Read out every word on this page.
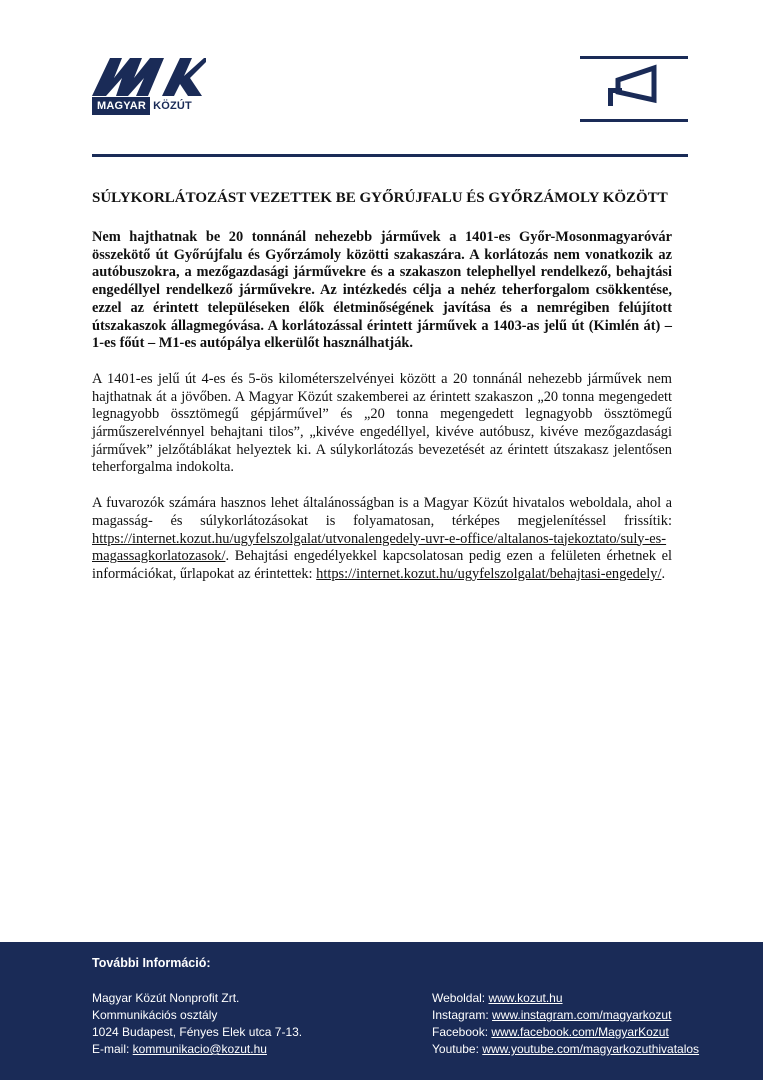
MAGYAR KÖZÚT
SÚLYKORLÁTOZÁST VEZETTEK BE GYŐRÚJFALU ÉS GYŐRZÁMOLY KÖZÖTT

Nem hajthatnak be 20 tonnánál nehezebb járművek a 1401-es Győr-Mosonmagyaróvár összekötő út Győrújfalu és Győrzámoly közötti szakaszára. A korlátozás nem vonatkozik az autóbuszokra, a mezőgazdasági járművekre és a szakaszon telephellyel rendelkező, behajtási engedéllyel rendelkező járművekre. Az intézkedés célja a nehéz teherforgalom csökkentése, ezzel az érintett településeken élők életminőségének javítása és a nemrégiben felújított útszakaszok állagmegóvása. A korlátozással érintett járművek a 1403-as jelű út (Kimlén át) – 1-es főút – M1-es autópálya elkerülőt használhatják.

A 1401-es jelű út 4-es és 5-ös kilométerszelvényei között a 20 tonnánál nehezebb járművek nem hajthatnak át a jövőben. A Magyar Közút szakemberei az érintett szakaszon „20 tonna megengedett legnagyobb össztömegű gépjárművel” és „20 tonna megengedett legnagyobb össztömegű járműszerelvénnyel behajtani tilos”, „kivéve engedéllyel, kivéve autóbusz, kivéve mezőgazdasági járművek” jelzőtáblákat helyeztek ki. A súlykorlátozás bevezetését az érintett útszakasz jelentősen teherforgalma indokolta.

A fuvarozók számára hasznos lehet általánosságban is a Magyar Közút hivatalos weboldala, ahol a magasság- és súlykorlátozásokat is folyamatosan, térképes megjelenítéssel frissítik: https://internet.kozut.hu/ugyfelszolgalat/utvonalengedely-uvr-e-office/altalanos-tajekoztato/suly-es-magassagkorlatozasok/. Behajtási engedélyekkel kapcsolatosan pedig ezen a felületen érhetnek el információkat, űrlapokat az érintettek: https://internet.kozut.hu/ugyfelszolgalat/behajtasi-engedely/.

További Információ:
Magyar Közút Nonprofit Zrt.
Kommunikációs osztály
1024 Budapest, Fényes Elek utca 7-13.
E-mail: kommunikacio@kozut.hu
Weboldal: www.kozut.hu
Instagram: www.instagram.com/magyarkozut
Facebook: www.facebook.com/MagyarKozut
Youtube: www.youtube.com/magyarkozuthivatalos
